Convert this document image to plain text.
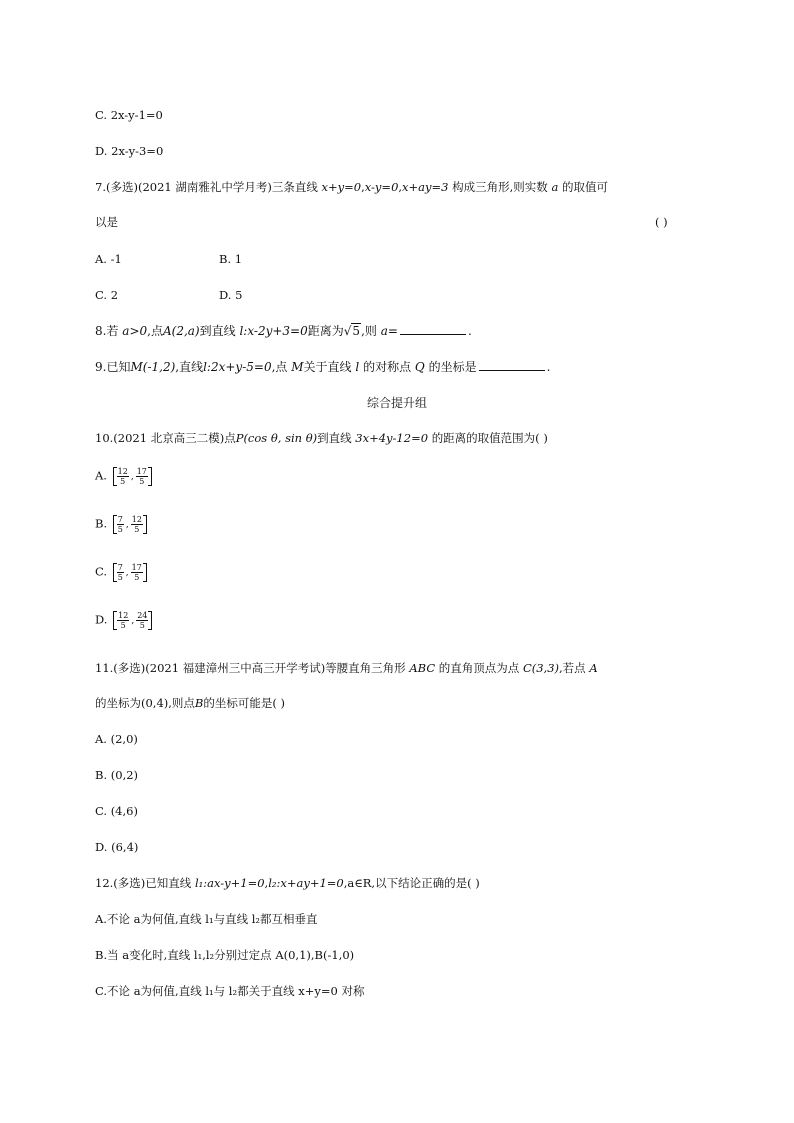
C. 2x-y-1=0
D. 2x-y-3=0
7.(多选)(2021 湖南雅礼中学月考)三条直线 x+y=0,x-y=0,x+ay=3 构成三角形,则实数 a 的取值可
以是	( )
A. -1	B. 1
C. 2	D. 5
8.若 a>0,点A(2,a)到直线 l:x-2y+3=0距离为√5,则 a=	.
9.已知M(-1,2),直线l:2x+y-5=0,点 M关于直线 l 的对称点 Q 的坐标是	.
综合提升组
10.(2021 北京高三二模)点P(cos θ, sin θ)到直线 3x+4y-12=0 的距离的取值范围为( )
A. $\frac{12}{5}$ , $\frac{17}{5}$
B. $\frac{7}{5}$ , $\frac{12}{5}$
C. $\frac{7}{5}$ , $\frac{17}{5}$
D. $\frac{12}{5}$ , $\frac{24}{5}$
11.(多选)(2021 福建漳州三中高三开学考试)等腰直角三角形 ABC 的直角顶点为点 C(3,3),若点 A
的坐标为(0,4),则点B的坐标可能是( )
A. (2,0)
B. (0,2)
C. (4,6)
D. (6,4)
12.(多选)已知直线 l₁:ax-y+1=0,l₂:x+ay+1=0,a∈R,以下结论正确的是( )
A.不论 a为何值,直线 l₁与直线 l₂都互相垂直
B.当 a变化时,直线 l₁,l₂分别过定点 A(0,1),B(-1,0)
C.不论 a为何值,直线 l₁与 l₂都关于直线 x+y=0 对称
